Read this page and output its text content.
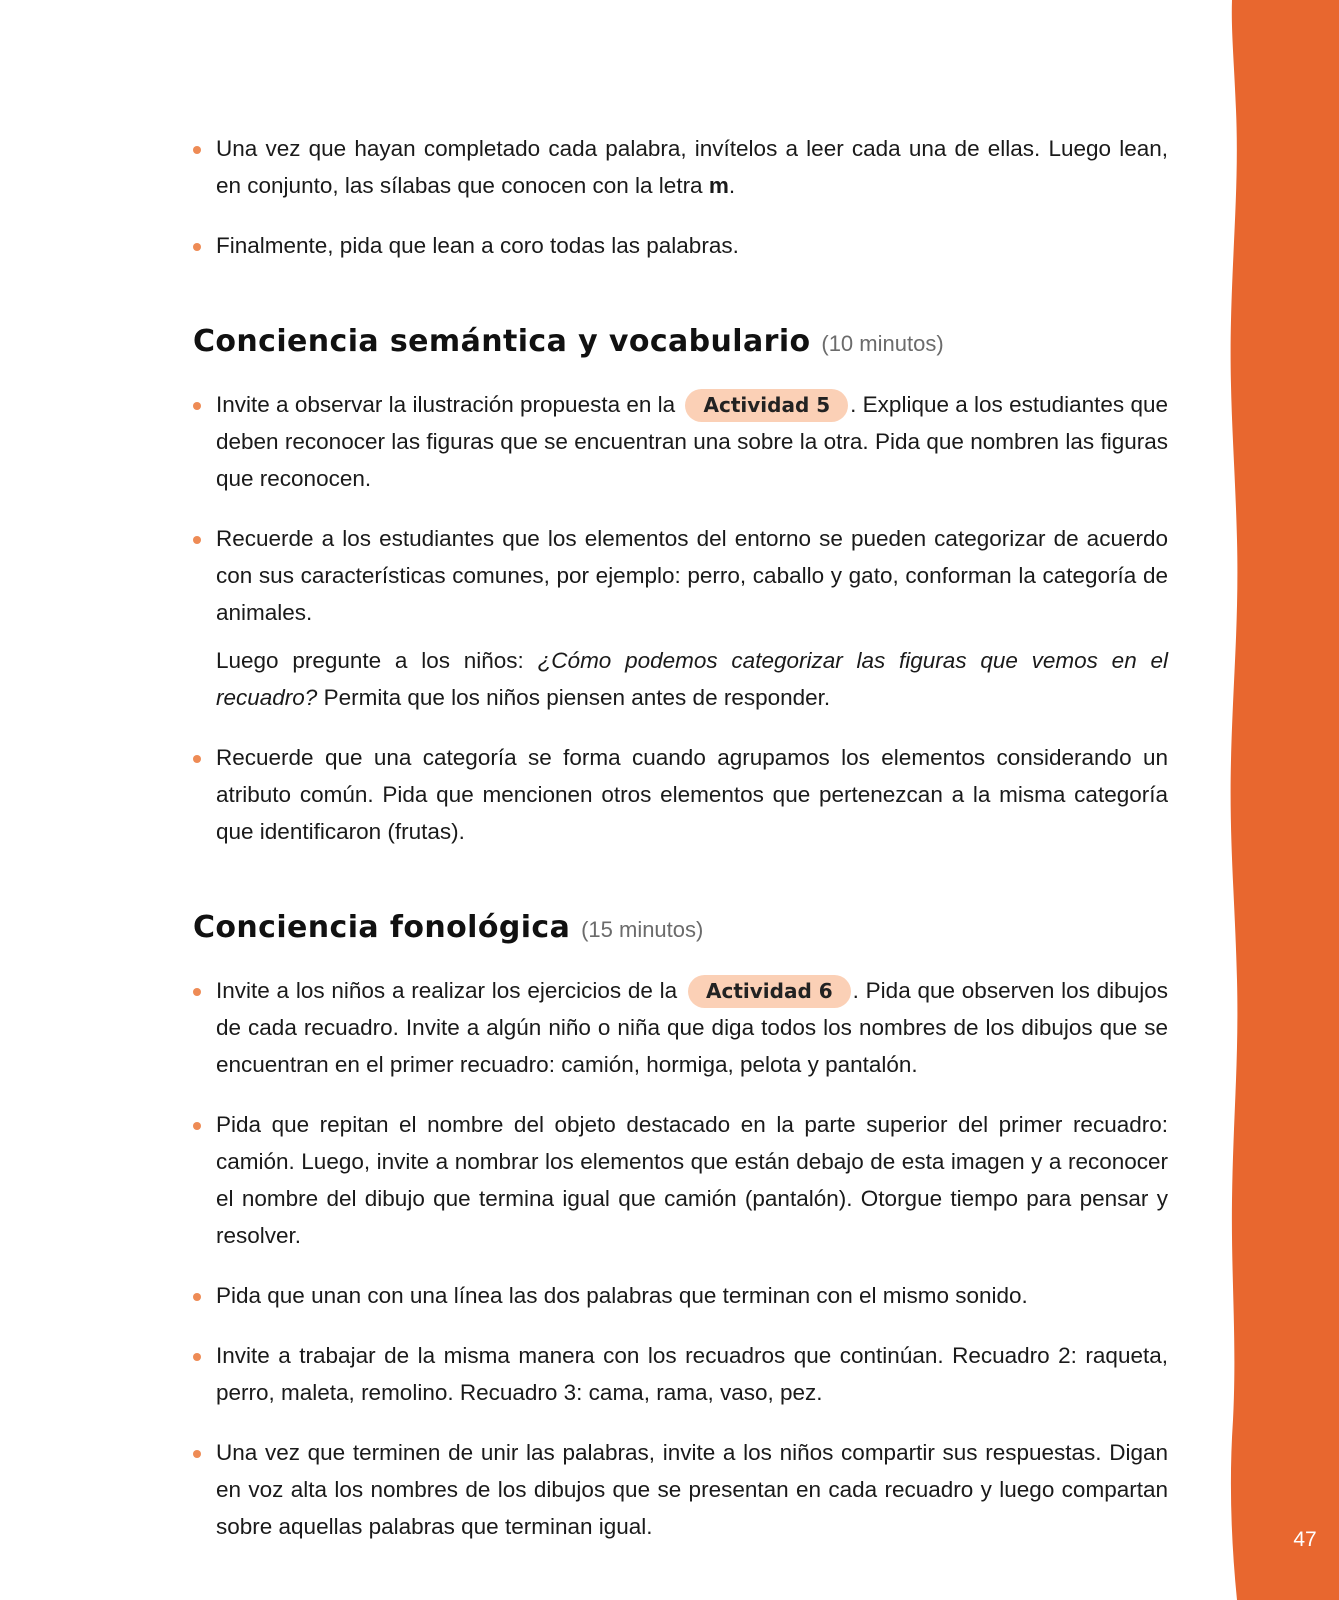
47
Una vez que hayan completado cada palabra, invítelos a leer cada una de ellas. Luego lean, en conjunto, las sílabas que conocen con la letra m.
Finalmente, pida que lean a coro todas las palabras.
Conciencia semántica y vocabulario (10 minutos)
Invite a observar la ilustración propuesta en la Actividad 5 . Explique a los estudiantes que deben reconocer las figuras que se encuentran una sobre la otra. Pida que nombren las figuras que reconocen.
Recuerde a los estudiantes que los elementos del entorno se pueden categorizar de acuerdo con sus características comunes, por ejemplo: perro, caballo y gato, conforman la categoría de animales.
Luego pregunte a los niños: ¿Cómo podemos categorizar las figuras que vemos en el recuadro? Permita que los niños piensen antes de responder.
Recuerde que una categoría se forma cuando agrupamos los elementos considerando un atributo común. Pida que mencionen otros elementos que pertenezcan a la misma categoría que identificaron (frutas).
Conciencia fonológica (15 minutos)
Invite a los niños a realizar los ejercicios de la Actividad 6 . Pida que observen los dibujos de cada recuadro. Invite a algún niño o niña que diga todos los nombres de los dibujos que se encuentran en el primer recuadro: camión, hormiga, pelota y pantalón.
Pida que repitan el nombre del objeto destacado en la parte superior del primer recuadro: camión. Luego, invite a nombrar los elementos que están debajo de esta imagen y a reconocer el nombre del dibujo que termina igual que camión (pantalón). Otorgue tiempo para pensar y resolver.
Pida que unan con una línea las dos palabras que terminan con el mismo sonido.
Invite a trabajar de la misma manera con los recuadros que continúan. Recuadro 2: raqueta, perro, maleta, remolino. Recuadro 3: cama, rama, vaso, pez.
Una vez que terminen de unir las palabras, invite a los niños compartir sus respuestas. Digan en voz alta los nombres de los dibujos que se presentan en cada recuadro y luego compartan sobre aquellas palabras que terminan igual.
